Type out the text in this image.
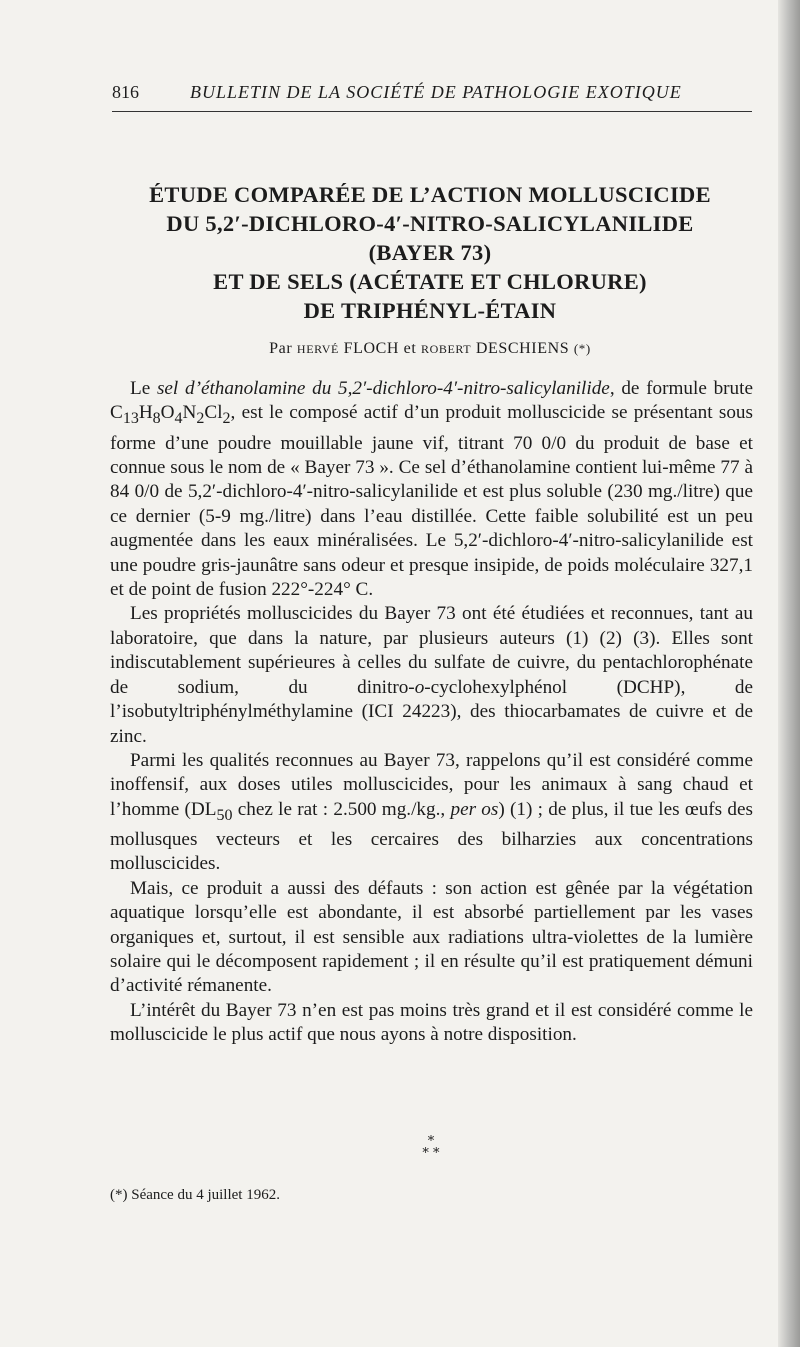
816	BULLETIN DE LA SOCIÉTÉ DE PATHOLOGIE EXOTIQUE
ÉTUDE COMPARÉE DE L’ACTION MOLLUSCICIDE
DU 5,2′-DICHLORO-4′-NITRO-SALICYLANILIDE
(BAYER 73)
ET DE SELS (ACÉTATE ET CHLORURE)
DE TRIPHÉNYL-ÉTAIN
Par HERVÉ FLOCH et ROBERT DESCHIENS (*)

Le sel d’éthanolamine du 5,2′-dichloro-4′-nitro-salicylanilide, de formule brute $C_{13}H_8O_4N_2Cl_2$, est le composé actif d’un produit molluscicide se présentant sous forme d’une poudre mouillable jaune vif, titrant 70 0/0 du produit de base et connue sous le nom de « Bayer 73 ». Ce sel d’éthanolamine contient lui-même 77 à 84 0/0 de 5,2′-dichloro-4′-nitro-salicylanilide et est plus soluble (230 mg./litre) que ce dernier (5-9 mg./litre) dans l’eau distillée. Cette faible solubilité est un peu augmentée dans les eaux minéralisées. Le 5,2′-dichloro-4′-nitro-salicylanilide est une poudre gris-jaunâtre sans odeur et presque insipide, de poids moléculaire 327,1 et de point de fusion 222°-224° C.

Les propriétés molluscicides du Bayer 73 ont été étudiées et reconnues, tant au laboratoire, que dans la nature, par plusieurs auteurs (1) (2) (3). Elles sont indiscutablement supérieures à celles du sulfate de cuivre, du pentachlorophénate de sodium, du dinitro-o-cyclohexylphénol (DCHP), de l’isobutyltriphénylméthylamine (ICI 24223), des thiocarbamates de cuivre et de zinc.

Parmi les qualités reconnues au Bayer 73, rappelons qu’il est considéré comme inoffensif, aux doses utiles molluscicides, pour les animaux à sang chaud et l’homme ($DL_{50}$ chez le rat : 2.500 mg./kg., per os) (1) ; de plus, il tue les œufs des mollusques vecteurs et les cercaires des bilharzies aux concentrations molluscicides.

Mais, ce produit a aussi des défauts : son action est gênée par la végétation aquatique lorsqu’elle est abondante, il est absorbé partiellement par les vases organiques et, surtout, il est sensible aux radiations ultra-violettes de la lumière solaire qui le décomposent rapidement ; il en résulte qu’il est pratiquement démuni d’activité rémanente.

L’intérêt du Bayer 73 n’en est pas moins très grand et il est considéré comme le molluscicide le plus actif que nous ayons à notre disposition.

*
* *
(*) Séance du 4 juillet 1962.
